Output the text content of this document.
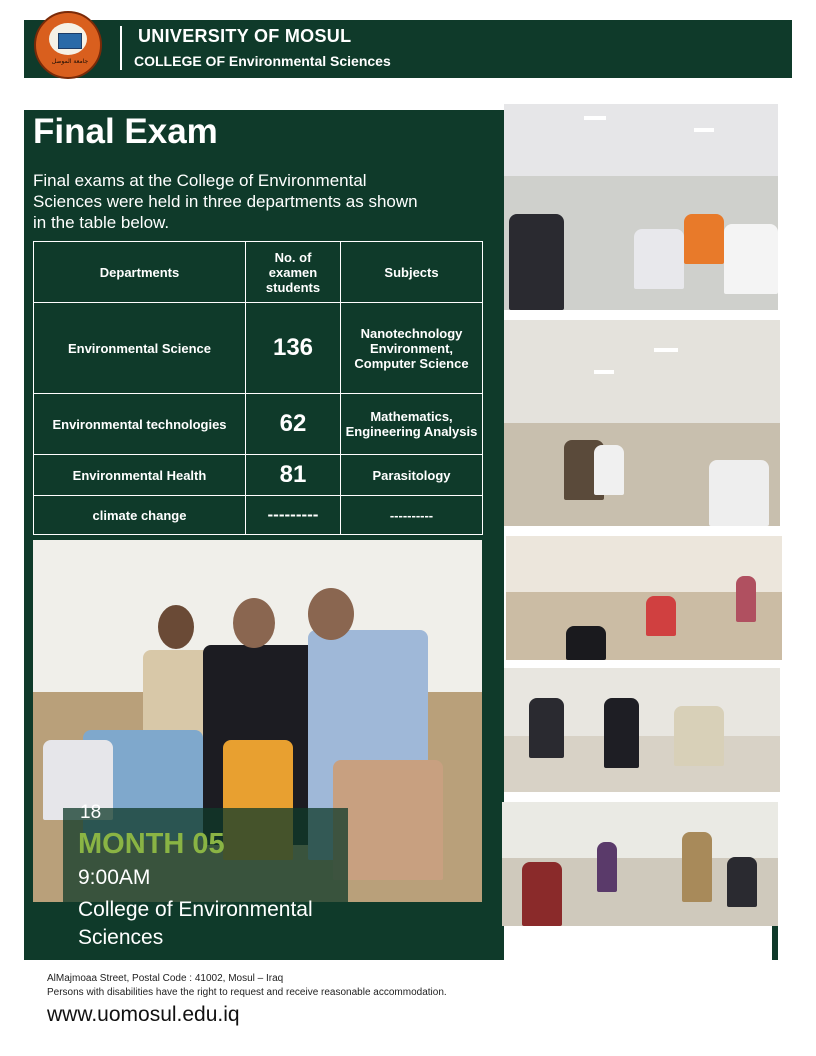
جامعة الموصل
UNIVERSITY OF MOSUL
COLLEGE OF Environmental Sciences
Final Exam
Final exams at the College of Environmental Sciences were held in three departments as shown in the table below.
Departments	No. of examen students	Subjects
Environmental Science	136	Nanotechnology Environment, Computer Science
Environmental technologies	62	Mathematics, Engineering Analysis
Environmental Health	81	Parasitology
climate change	---------	----------
18
MONTH 05
9:00AM
College of Environmental Sciences
AlMajmoaa Street, Postal Code : 41002, Mosul – Iraq
Persons with disabilities have the right to request and receive reasonable accommodation.
www.uomosul.edu.iq
